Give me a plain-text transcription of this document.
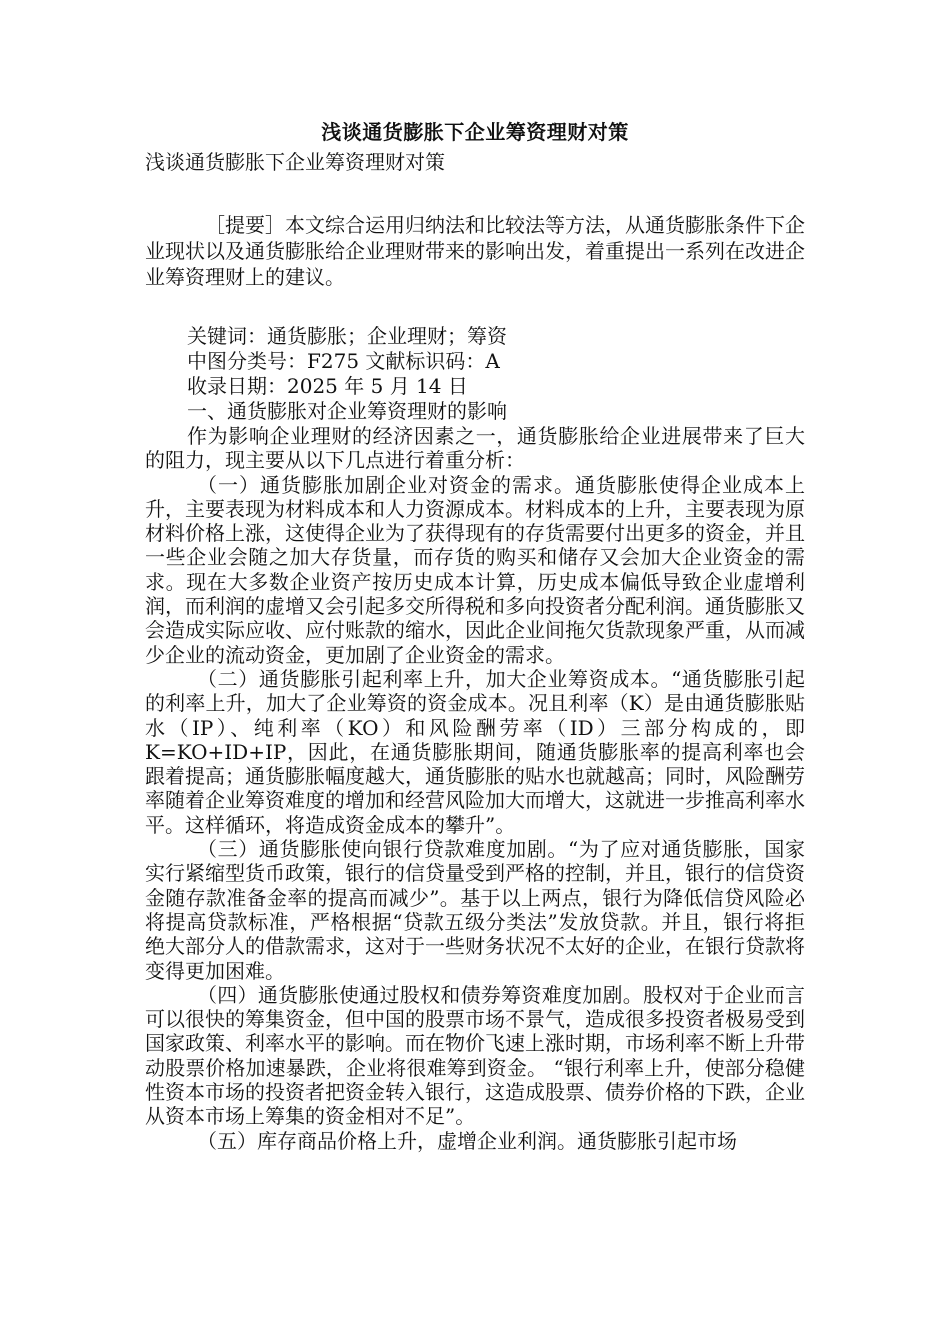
浅谈通货膨胀下企业筹资理财对策

浅谈通货膨胀下企业筹资理财对策

［提要］本文综合运用归纳法和比较法等方法，从通货膨胀条件下企业现状以及通货膨胀给企业理财带来的影响出发，着重提出一系列在改进企业筹资理财上的建议。

关键词：通货膨胀；企业理财；筹资

中图分类号：F275 文献标识码：A

收录日期：2025 年 5 月 14 日

一、通货膨胀对企业筹资理财的影响

作为影响企业理财的经济因素之一，通货膨胀给企业进展带来了巨大的阻力，现主要从以下几点进行着重分析：

（一）通货膨胀加剧企业对资金的需求。通货膨胀使得企业成本上升，主要表现为材料成本和人力资源成本。材料成本的上升，主要表现为原材料价格上涨，这使得企业为了获得现有的存货需要付出更多的资金，并且一些企业会随之加大存货量，而存货的购买和储存又会加大企业资金的需求。现在大多数企业资产按历史成本计算，历史成本偏低导致企业虚增利润，而利润的虚增又会引起多交所得税和多向投资者分配利润。通货膨胀又会造成实际应收、应付账款的缩水，因此企业间拖欠货款现象严重，从而减少企业的流动资金，更加剧了企业资金的需求。

（二）通货膨胀引起利率上升，加大企业筹资成本。“通货膨胀引起的利率上升，加大了企业筹资的资金成本。况且利率（K）是由通货膨胀贴水（IP）、纯利率（KO）和风险酬劳率（ID）三部分构成的，即 K=KO+ID+IP，因此，在通货膨胀期间，随通货膨胀率的提高利率也会跟着提高；通货膨胀幅度越大，通货膨胀的贴水也就越高；同时，风险酬劳率随着企业筹资难度的增加和经营风险加大而增大，这就进一步推高利率水平。这样循环，将造成资金成本的攀升”。

（三）通货膨胀使向银行贷款难度加剧。“为了应对通货膨胀，国家实行紧缩型货币政策，银行的信贷量受到严格的控制，并且，银行的信贷资金随存款准备金率的提高而减少”。基于以上两点，银行为降低信贷风险必将提高贷款标准，严格根据“贷款五级分类法”发放贷款。并且，银行将拒绝大部分人的借款需求，这对于一些财务状况不太好的企业，在银行贷款将变得更加困难。

（四）通货膨胀使通过股权和债券筹资难度加剧。股权对于企业而言可以很快的筹集资金，但中国的股票市场不景气，造成很多投资者极易受到国家政策、利率水平的影响。而在物价飞速上涨时期，市场利率不断上升带动股票价格加速暴跌，企业将很难筹到资金。 “银行利率上升，使部分稳健性资本市场的投资者把资金转入银行，这造成股票、债券价格的下跌，企业从资本市场上筹集的资金相对不足”。

（五）库存商品价格上升，虚增企业利润。通货膨胀引起市场
